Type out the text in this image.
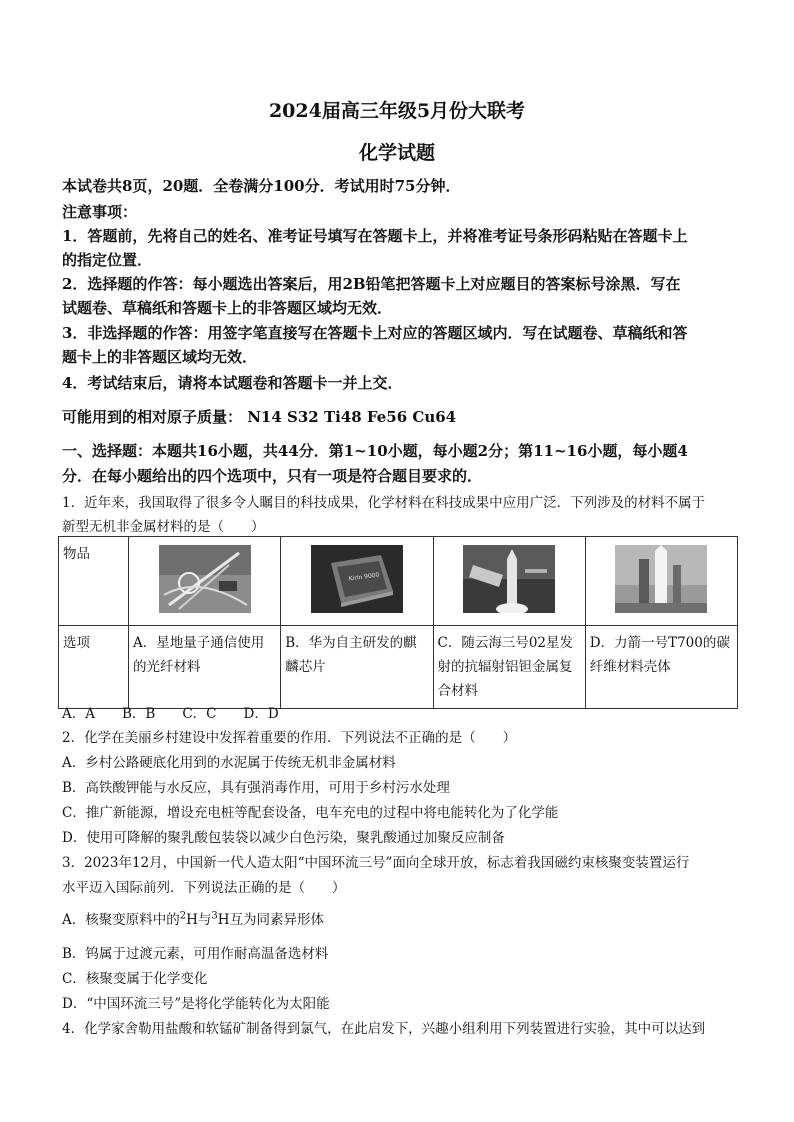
2024届高三年级5月份大联考
化学试题
本试卷共8页，20题．全卷满分100分．考试用时75分钟．
注意事项：
1．答题前，先将自己的姓名、准考证号填写在答题卡上，并将准考证号条形码粘贴在答题卡上
的指定位置．
2．选择题的作答：每小题选出答案后，用2B铅笔把答题卡上对应题目的答案标号涂黑．写在
试题卷、草稿纸和答题卡上的非答题区域均无效．
3．非选择题的作答：用签字笔直接写在答题卡上对应的答题区域内．写在试题卷、草稿纸和答
题卡上的非答题区域均无效．
4．考试结束后，请将本试题卷和答题卡一并上交．
可能用到的相对原子质量： N14 S32 Ti48 Fe56 Cu64
一、选择题：本题共16小题，共44分．第1~10小题，每小题2分；第11~16小题，每小题4
分．在每小题给出的四个选项中，只有一项是符合题目要求的．
1．近年来，我国取得了很多令人瞩目的科技成果，化学材料在科技成果中应用广泛．下列涉及的材料不属于
新型无机非金属材料的是（　　）
物品		Kirin 9000

选项	A．星地量子通信使用的光纤材料	B．华为自主研发的麒麟芯片	C．随云海三号02星发射的抗辐射铝钽金属复合材料	D．力箭一号T700的碳纤维材料壳体
A．A　　B．B　　C．C　　D．D
2．化学在美丽乡村建设中发挥着重要的作用．下列说法不正确的是（　　）
A．乡村公路硬底化用到的水泥属于传统无机非金属材料
B．高铁酸钾能与水反应，具有强消毒作用，可用于乡村污水处理
C．推广新能源，增设充电桩等配套设备，电车充电的过程中将电能转化为了化学能
D．使用可降解的聚乳酸包装袋以减少白色污染，聚乳酸通过加聚反应制备
3．2023年12月，中国新一代人造太阳“中国环流三号”面向全球开放，标志着我国磁约束核聚变装置运行
水平迈入国际前列．下列说法正确的是（　　）
A．核聚变原料中的$^2$H与$^3$H互为同素异形体
B．钨属于过渡元素，可用作耐高温备选材料
C．核聚变属于化学变化
D．“中国环流三号”是将化学能转化为太阳能
4．化学家舍勒用盐酸和软锰矿制备得到氯气，在此启发下，兴趣小组利用下列装置进行实验，其中可以达到
